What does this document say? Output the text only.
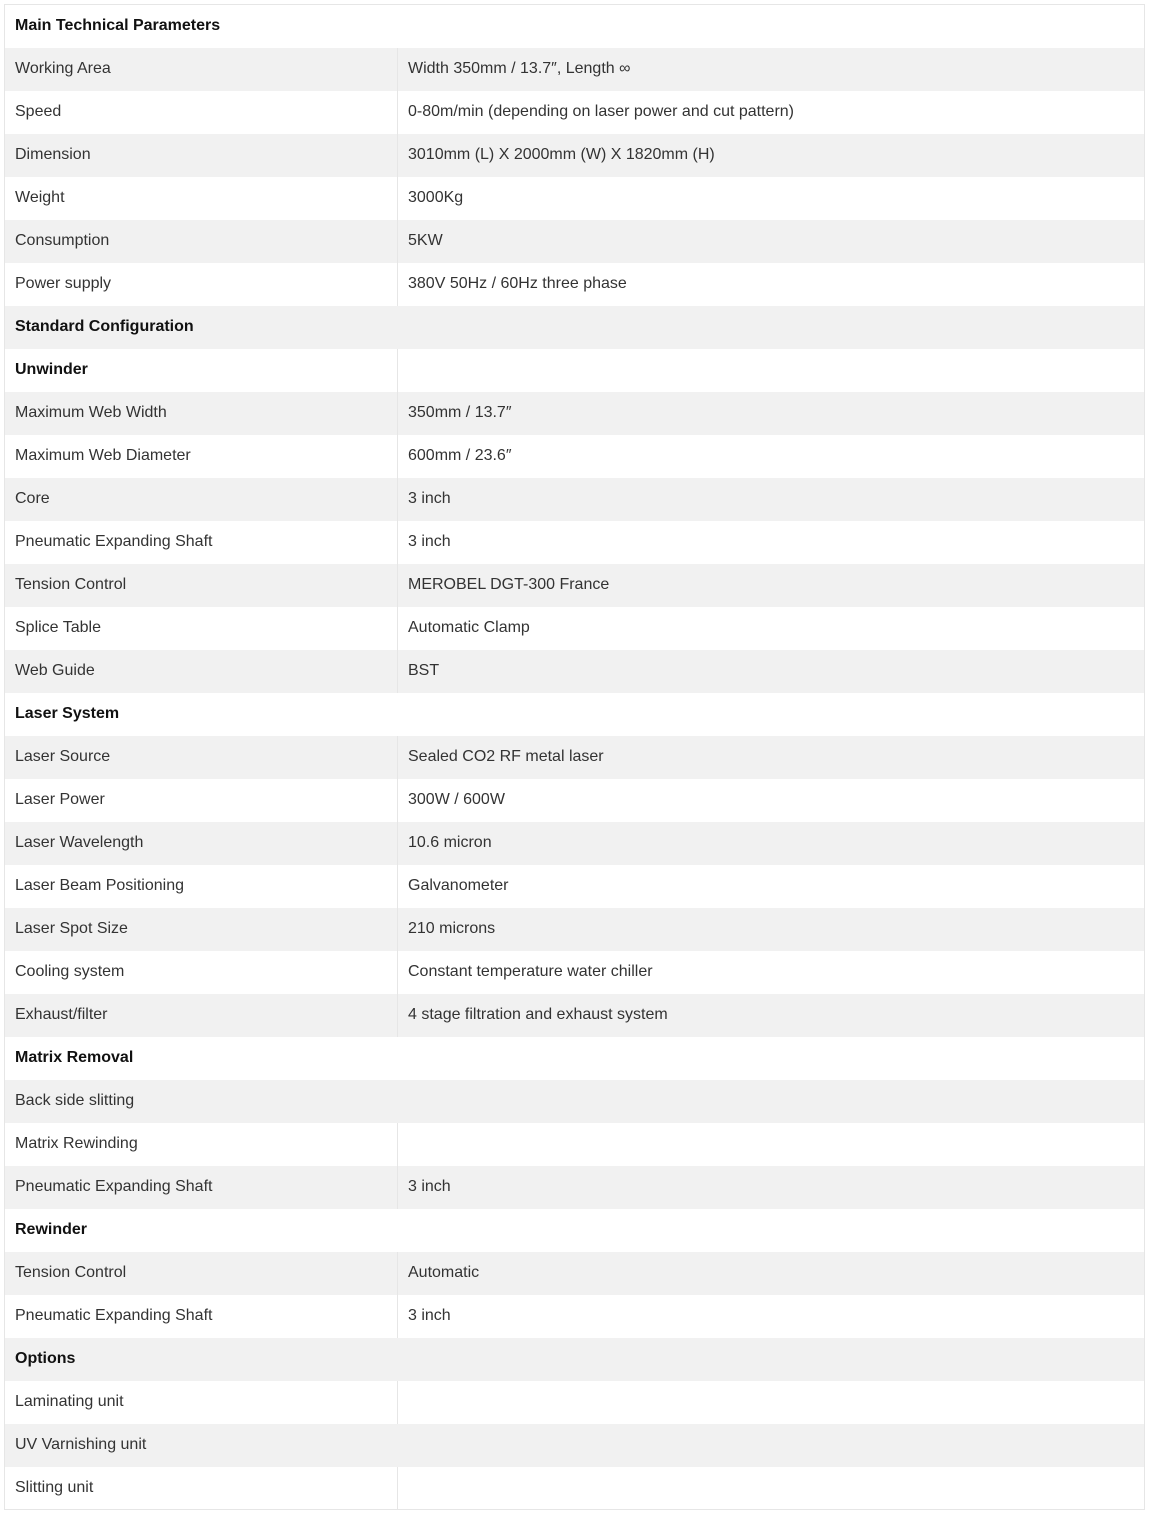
Main Technical Parameters	
Working Area	Width 350mm / 13.7″, Length ∞
Speed	0-80m/min (depending on laser power and cut pattern)
Dimension	3010mm (L) X 2000mm (W) X 1820mm (H)
Weight	3000Kg
Consumption	5KW
Power supply	380V 50Hz / 60Hz three phase
Standard Configuration	
Unwinder	
Maximum Web Width	350mm / 13.7″
Maximum Web Diameter	600mm / 23.6″
Core	3 inch
Pneumatic Expanding Shaft	3 inch
Tension Control	MEROBEL DGT-300 France
Splice Table	Automatic Clamp
Web Guide	BST
Laser System	
Laser Source	Sealed CO2 RF metal laser
Laser Power	300W / 600W
Laser Wavelength	10.6 micron
Laser Beam Positioning	Galvanometer
Laser Spot Size	210 microns
Cooling system	Constant temperature water chiller
Exhaust/filter	4 stage filtration and exhaust system
Matrix Removal	
Back side slitting	
Matrix Rewinding	
Pneumatic Expanding Shaft	3 inch
Rewinder	
Tension Control	Automatic
Pneumatic Expanding Shaft	3 inch
Options	
Laminating unit	
UV Varnishing unit	
Slitting unit	
